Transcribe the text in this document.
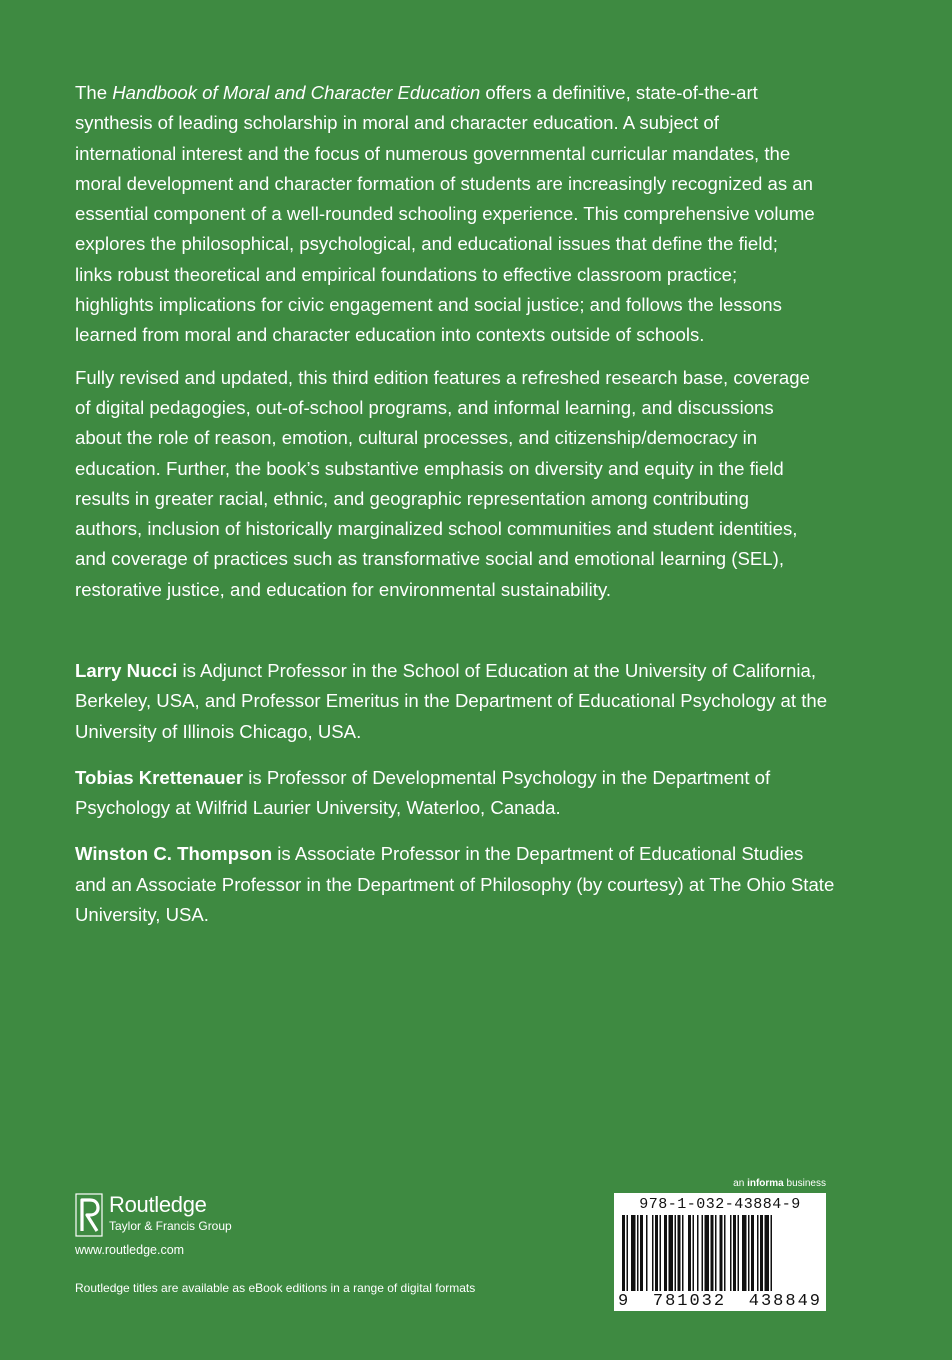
The Handbook of Moral and Character Education offers a definitive, state-of-the-art synthesis of leading scholarship in moral and character education. A subject of international interest and the focus of numerous governmental curricular mandates, the moral development and character formation of students are increasingly recognized as an essential component of a well-rounded schooling experience. This comprehensive volume explores the philosophical, psychological, and educational issues that define the field; links robust theoretical and empirical foundations to effective classroom practice; highlights implications for civic engagement and social justice; and follows the lessons learned from moral and character education into contexts outside of schools.

Fully revised and updated, this third edition features a refreshed research base, coverage of digital pedagogies, out-of-school programs, and informal learning, and discussions about the role of reason, emotion, cultural processes, and citizenship/democracy in education. Further, the book’s substantive emphasis on diversity and equity in the field results in greater racial, ethnic, and geographic representation among contributing authors, inclusion of historically marginalized school communities and student identities, and coverage of practices such as transformative social and emotional learning (SEL), restorative justice, and education for environmental sustainability.

Larry Nucci is Adjunct Professor in the School of Education at the University of California, Berkeley, USA, and Professor Emeritus in the Department of Educational Psychology at the University of Illinois Chicago, USA.

Tobias Krettenauer is Professor of Developmental Psychology in the Department of Psychology at Wilfrid Laurier University, Waterloo, Canada.

Winston C. Thompson is Associate Professor in the Department of Educational Studies and an Associate Professor in the Department of Philosophy (by courtesy) at The Ohio State University, USA.

Routledge
Taylor & Francis Group
www.routledge.com
Routledge titles are available as eBook editions in a range of digital formats
an informa business
978-1-032-43884-9
9 781032 438849
